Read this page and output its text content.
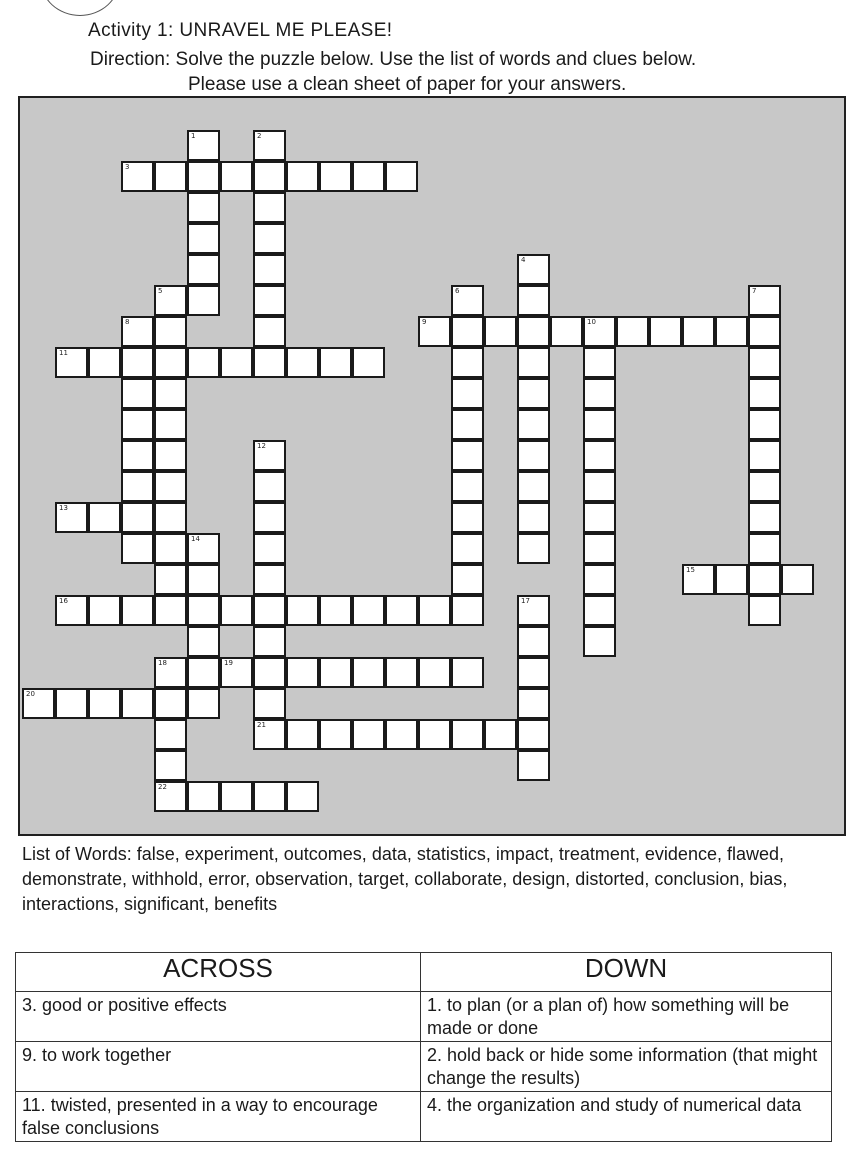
Activity 1: UNRAVEL ME PLEASE!
Direction: Solve the puzzle below. Use the list of words and clues below.
Please use a clean sheet of paper for your answers.
1	2
3
4
5	6	7
8	9	10
11
12
21
13
14
15
16	17
18
22
19
20
List of Words: false, experiment, outcomes, data, statistics, impact, treatment, evidence, flawed, demonstrate, withhold, error, observation, target, collaborate, design, distorted, conclusion, bias, interactions, significant, benefits
ACROSS	DOWN
3. good or positive effects	1. to plan (or a plan of) how something will be made or done
9. to work together	2. hold back or hide some information (that might change the results)
11. twisted, presented in a way to encourage false conclusions	4. the organization and study of numerical data
